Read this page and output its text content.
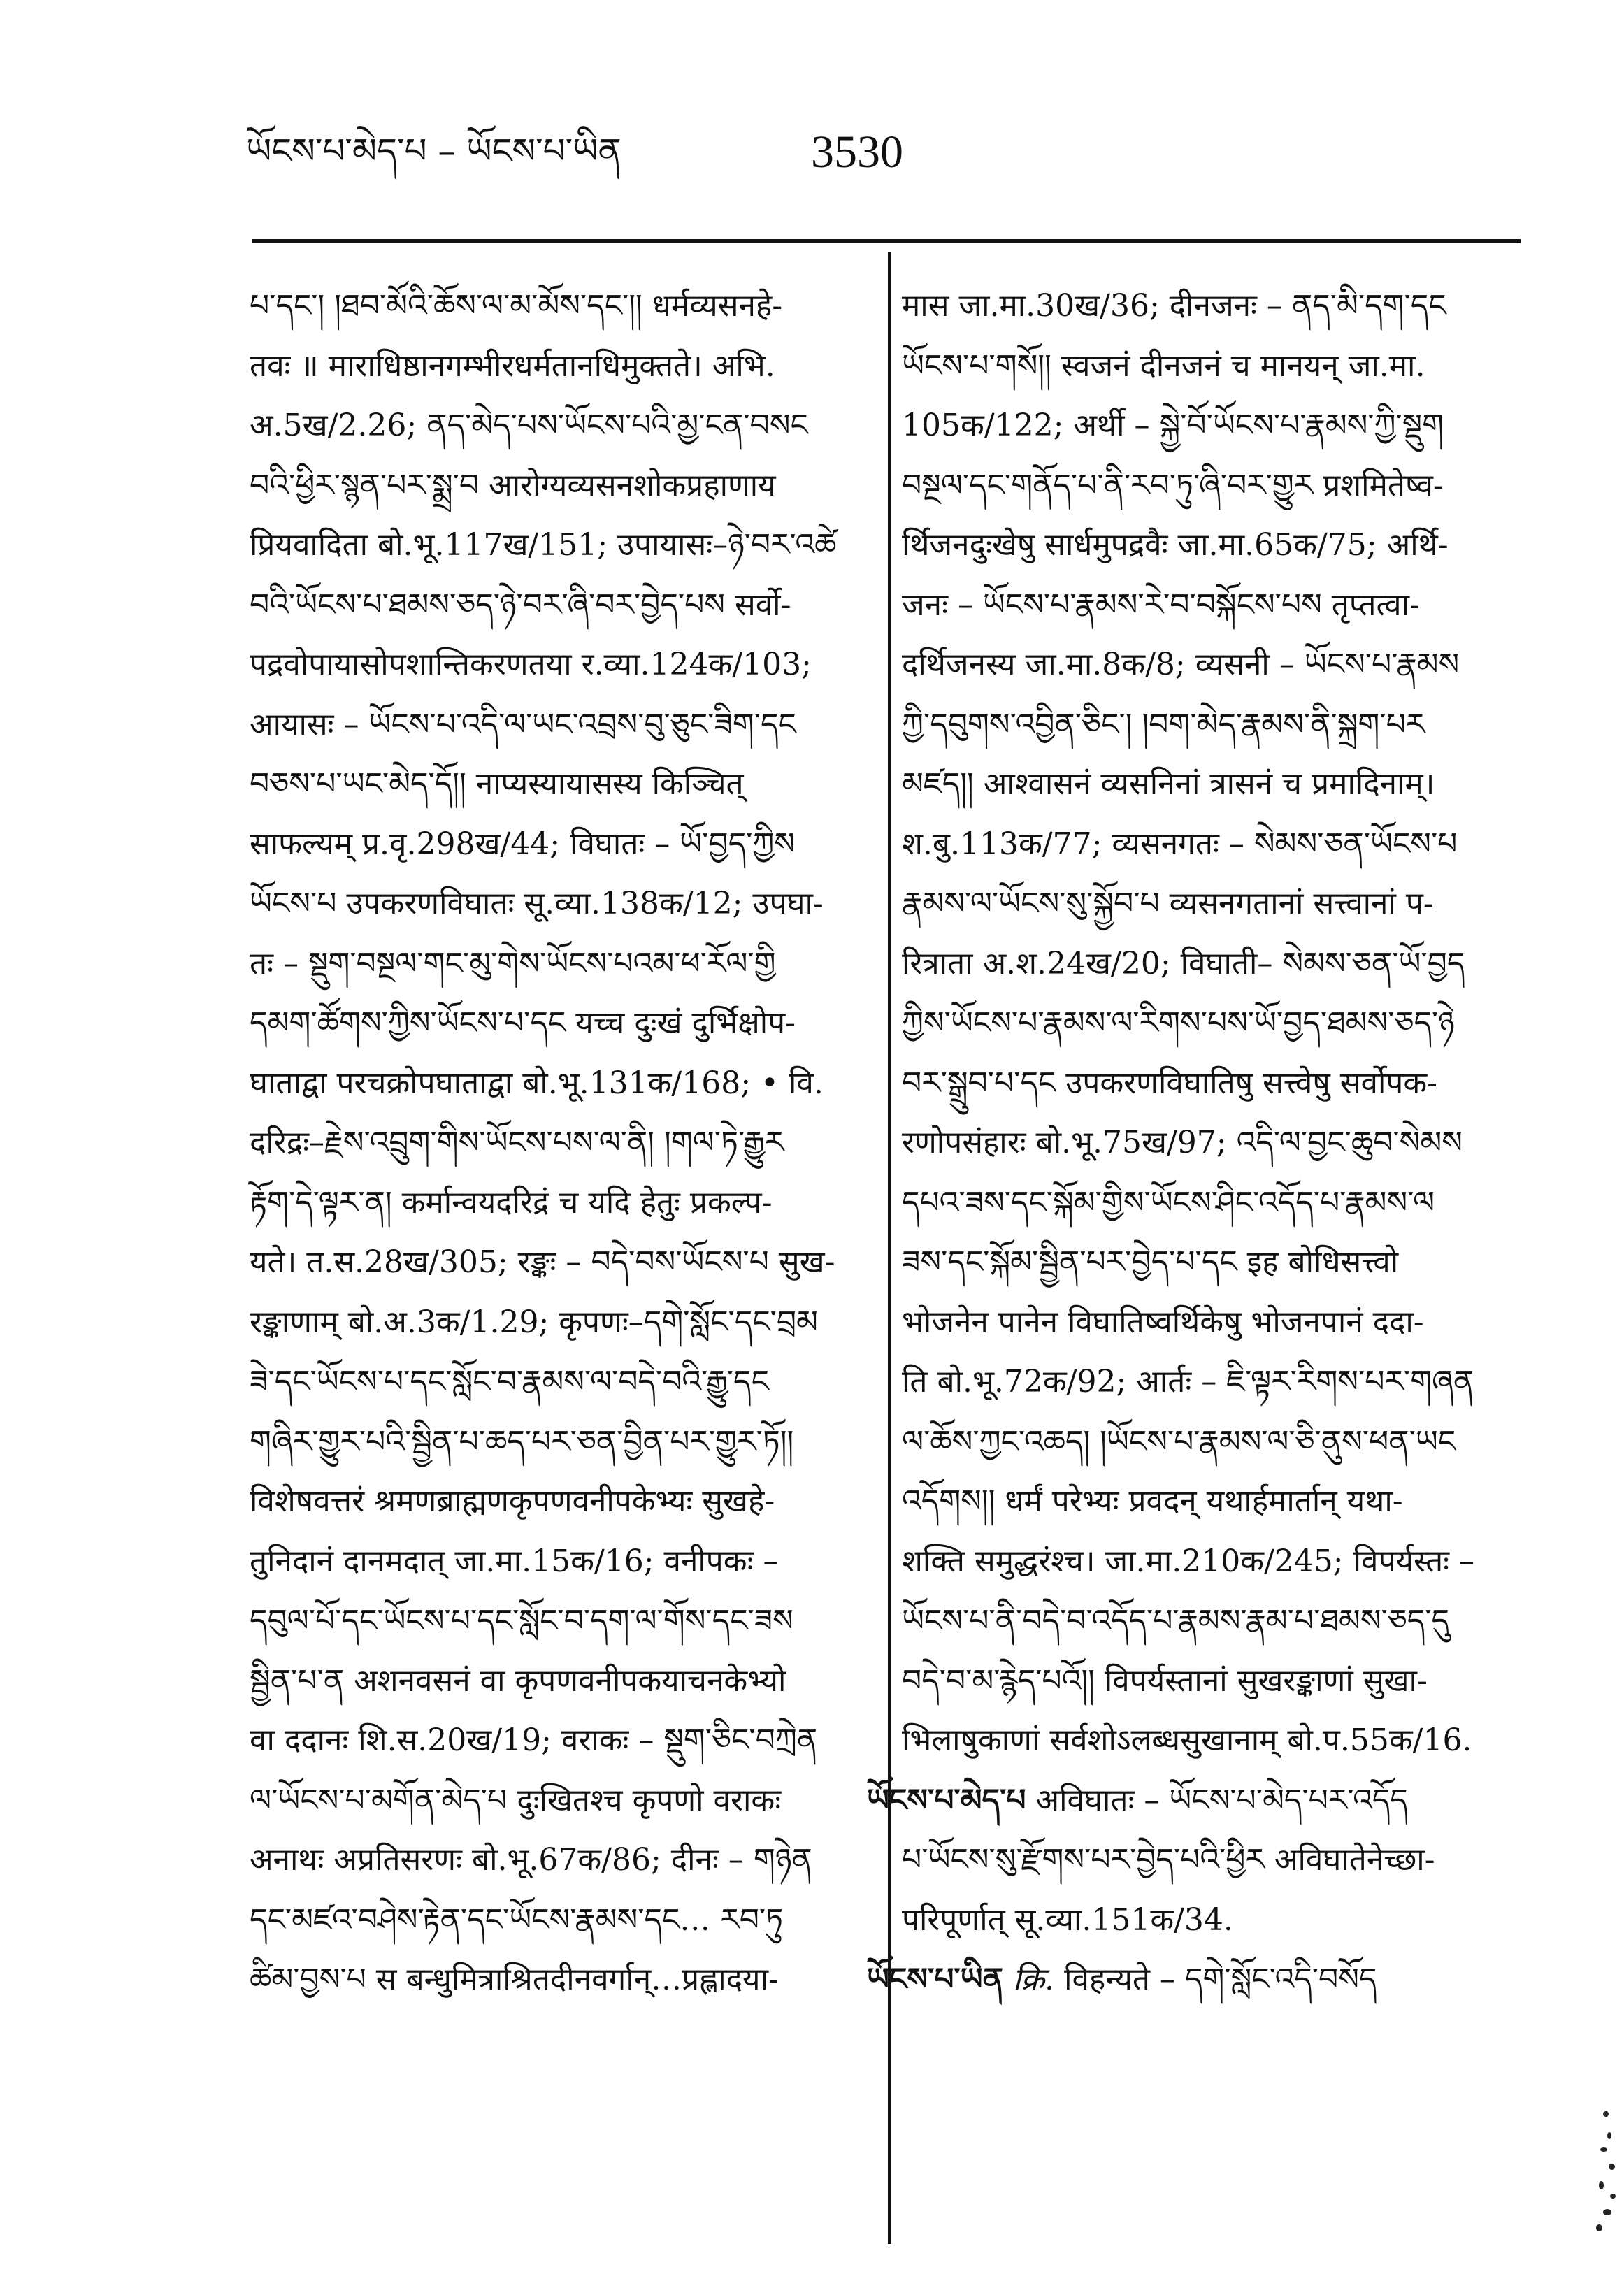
ཡོངས་པ་མེད་པ – ཡོངས་པ་ཡིན	3530

པ་དང་། །ཐབ་མོའི་ཆོས་ལ་མ་མོས་དང་།། धर्मव्यसनहे-

तवः ॥ माराधिष्ठानगम्भीरधर्मतानधिमुक्तते। अभि.

अ.5ख/2.26; ནད་མེད་པས་ཡོངས་པའི་མྱ་ངན་བསང

བའི་ཕྱིར་སྙན་པར་སྨྲ་བ आरोग्यव्यसनशोकप्रहाणाय

प्रियवादिता बो.भू.117ख/151; उपायासः–ཉེ་བར་འཚེ

བའི་ཡོངས་པ་ཐམས་ཅད་ཉེ་བར་ཞི་བར་བྱེད་པས सर्वो-

पद्रवोपायासोपशान्तिकरणतया र.व्या.124क/103;

आयासः – ཡོངས་པ་འདི་ལ་ཡང་འབྲས་བུ་ཅུང་ཟིག་དང

བཅས་པ་ཡང་མེད་དོ།། नाप्यस्यायासस्य किञ्चित्

साफल्यम् प्र.वृ.298ख/44; विघातः – ཡོ་བྱད་ཀྱིས

ཡོངས་པ उपकरणविघातः सू.व्या.138क/12; उपघा-

तः – སྡུག་བསྔལ་གང་མུ་གེས་ཡོངས་པའམ་ཕ་རོལ་གྱི

དམག་ཚོགས་ཀྱིས་ཡོངས་པ་དང यच्च दुःखं दुर्भिक्षोप-

घाताद्वा परचक्रोपघाताद्वा बो.भू.131क/168; • वि.

दरिद्रः–རྗེས་འབྲུག་གིས་ཡོངས་པས་ལ་ནི། །གལ་ཏེ་རྒྱུར

རྟོག་དེ་ལྟར་ན། कर्मान्वयदरिद्रं च यदि हेतुः प्रकल्प-

यते। त.स.28ख/305; रङ्कः – བདེ་བས་ཡོངས་པ सुख-

रङ्काणाम् बो.अ.3क/1.29; कृपणः–དགེ་སློང་དང་བྲམ

ཟེ་དང་ཡོངས་པ་དང་སློང་བ་རྣམས་ལ་བདེ་བའི་རྒྱུ་དང

གཞིར་གྱུར་པའི་སྦྱིན་པ་ཆད་པར་ཅན་བྱིན་པར་གྱུར་ཏོ།།

विशेषवत्तरं श्रमणब्राह्मणकृपणवनीपकेभ्यः सुखहे-

तुनिदानं दानमदात् जा.मा.15क/16; वनीपकः –

དབུལ་པོ་དང་ཡོངས་པ་དང་སློང་བ་དག་ལ་གོས་དང་ཟས

སྦྱིན་པ་ན अशनवसनं वा कृपणवनीपकयाचनकेभ्यो

वा ददानः शि.स.20ख/19; वराकः – སྡུག་ཅིང་བཀྲེན

ལ་ཡོངས་པ་མགོན་མེད་པ दुःखितश्च कृपणो वराकः

अनाथः अप्रतिसरणः बो.भू.67क/86; दीनः – གཉེན

དང་མཛའ་བཤེས་རྟེན་དང་ཡོངས་རྣམས་དང… རབ་ཏུ

ཚིམ་བྱས་པ स बन्धुमित्राश्रितदीनवर्गान्…प्रह्लादया-

मास जा.मा.30ख/36; दीनजनः – ནད་མི་དག་དང

ཡོངས་པ་གསོ།། स्वजनं दीनजनं च मानयन् जा.मा.

105क/122; अर्थी – སྐྱེ་བོ་ཡོངས་པ་རྣམས་ཀྱི་སྡུག

བསྔལ་དང་གནོད་པ་ནི་རབ་ཏུ་ཞི་བར་གྱུར प्रशमितेष्व-

र्थिजनदुःखेषु सार्धमुपद्रवैः जा.मा.65क/75; अर्थि-

जनः – ཡོངས་པ་རྣམས་རེ་བ་བསྐོངས་པས तृप्तत्वा-

दर्थिजनस्य जा.मा.8क/8; व्यसनी – ཡོངས་པ་རྣམས

ཀྱི་དབུགས་འབྱིན་ཅིང་། །བག་མེད་རྣམས་ནི་སྐྲག་པར

མཛད།། आश्वासनं व्यसनिनां त्रासनं च प्रमादिनाम्।

श.बु.113क/77; व्यसनगतः – སེམས་ཅན་ཡོངས་པ

རྣམས་ལ་ཡོངས་སུ་སྐྱོབ་པ व्यसनगतानां सत्त्वानां प-

रित्राता अ.श.24ख/20; विघाती– སེམས་ཅན་ཡོ་བྱད

ཀྱིས་ཡོངས་པ་རྣམས་ལ་རིགས་པས་ཡོ་བྱད་ཐམས་ཅད་ཉེ

བར་སྒྲུབ་པ་དང उपकरणविघातिषु सत्त्वेषु सर्वोपक-

रणोपसंहारः बो.भू.75ख/97; འདི་ལ་བྱང་ཆུབ་སེམས

དཔའ་ཟས་དང་སྐོམ་གྱིས་ཡོངས་ཤིང་འདོད་པ་རྣམས་ལ

ཟས་དང་སྐོམ་སྦྱིན་པར་བྱེད་པ་དང इह बोधिसत्त्वो

भोजनेन पानेन विघातिष्वर्थिकेषु भोजनपानं ददा-

ति बो.भू.72क/92; आर्तः – ཇི་ལྟར་རིགས་པར་གཞན

ལ་ཆོས་ཀྱང་འཆད། །ཡོངས་པ་རྣམས་ལ་ཅི་ནུས་ཕན་ཡང

འདོགས།། धर्मं परेभ्यः प्रवदन् यथार्हमार्तान् यथा-

शक्ति समुद्धरंश्च। जा.मा.210क/245; विपर्यस्तः –

ཡོངས་པ་ནི་བདེ་བ་འདོད་པ་རྣམས་རྣམ་པ་ཐམས་ཅད་དུ

བདེ་བ་མ་རྙེད་པའོ།། विपर्यस्तानां सुखरङ्काणां सुखा-

भिलाषुकाणां सर्वशोऽलब्धसुखानाम् बो.प.55क/16.

ཡོངས་པ་མེད་པ अविघातः – ཡོངས་པ་མེད་པར་འདོད

པ་ཡོངས་སུ་རྫོགས་པར་བྱེད་པའི་ཕྱིར अविघातेनेच्छा-

परिपूर्णात् सू.व्या.151क/34.

ཡོངས་པ་ཡིན क्रि. विहन्यते – དགེ་སློང་འདི་བསོད
